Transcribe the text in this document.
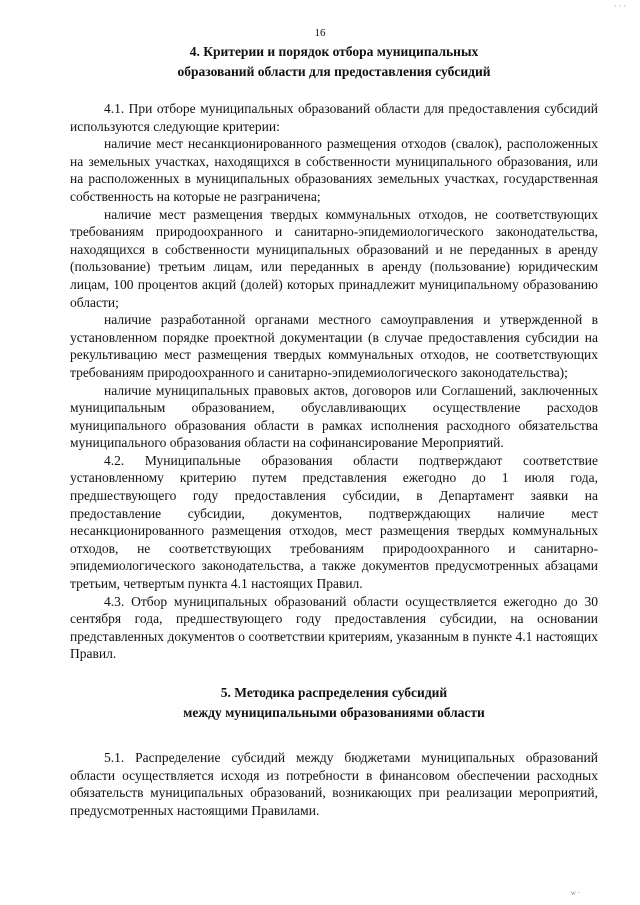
· · ·
16
4. Критерии и порядок отбора муниципальных
образований области для предоставления субсидий

4.1. При отборе муниципальных образований области для предоставления субсидий используются следующие критерии:

наличие мест несанкционированного размещения отходов (свалок), расположенных на земельных участках, находящихся в собственности муниципального образования, или на расположенных в муниципальных образованиях земельных участках, государственная собственность на которые не разграничена;

наличие мест размещения твердых коммунальных отходов, не соответствующих требованиям природоохранного и санитарно-эпидемиологического законодательства, находящихся в собственности муниципальных образований и не переданных в аренду (пользование) третьим лицам, или переданных в аренду (пользование) юридическим лицам, 100 процентов акций (долей) которых принадлежит муниципальному образованию области;

наличие разработанной органами местного самоуправления и утвержденной в установленном порядке проектной документации (в случае предоставления субсидии на рекультивацию мест размещения твердых коммунальных отходов, не соответствующих требованиям природоохранного и санитарно-эпидемиологического законодательства);

наличие муниципальных правовых актов, договоров или Соглашений, заключенных муниципальным образованием, обуславливающих осуществление расходов муниципального образования области в рамках исполнения расходного обязательства муниципального образования области на софинансирование Мероприятий.

4.2. Муниципальные образования области подтверждают соответствие установленному критерию путем представления ежегодно до 1 июля года, предшествующего году предоставления субсидии, в Департамент заявки на предоставление субсидии, документов, подтверждающих наличие мест несанкционированного размещения отходов, мест размещения твердых коммунальных отходов, не соответствующих требованиям природоохранного и санитарно-эпидемиологического законодательства, а также документов предусмотренных абзацами третьим, четвертым пункта 4.1 настоящих Правил.

4.3. Отбор муниципальных образований области осуществляется ежегодно до 30 сентября года, предшествующего году предоставления субсидии, на основании представленных документов о соответствии критериям, указанным в пункте 4.1 настоящих Правил.

5. Методика распределения субсидий
между муниципальными образованиями области

5.1. Распределение субсидий между бюджетами муниципальных образований области осуществляется исходя из потребности в финансовом обеспечении расходных обязательств муниципальных образований, возникающих при реализации мероприятий, предусмотренных настоящими Правилами.

w ·
